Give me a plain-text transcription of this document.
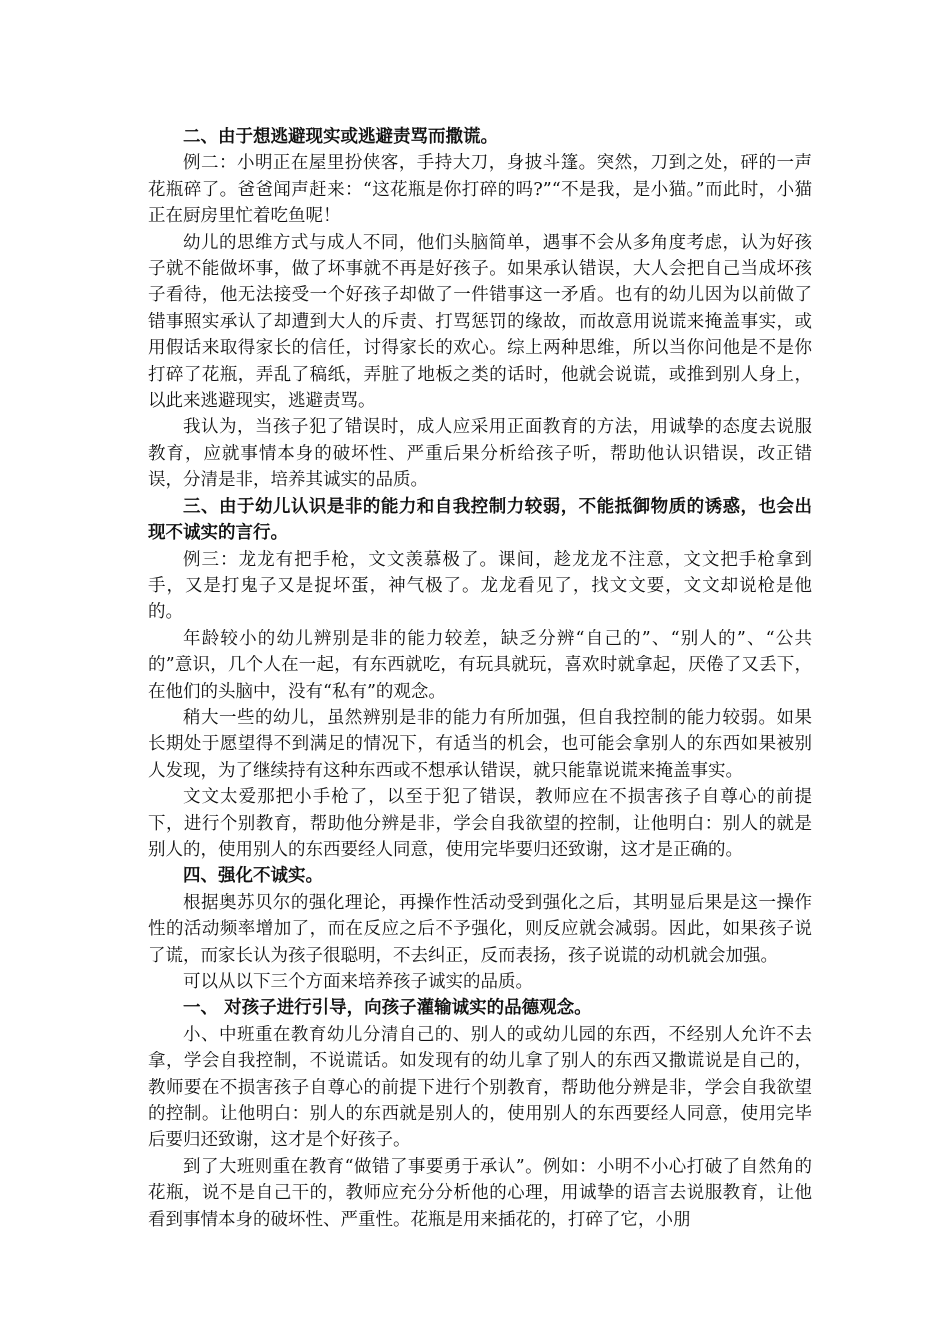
二、由于想逃避现实或逃避责骂而撒谎。

例二：小明正在屋里扮侠客，手持大刀，身披斗篷。突然，刀到之处，砰的一声花瓶碎了。爸爸闻声赶来：“这花瓶是你打碎的吗?”“不是我，是小猫。”而此时，小猫正在厨房里忙着吃鱼呢！

幼儿的思维方式与成人不同，他们头脑简单，遇事不会从多角度考虑，认为好孩子就不能做坏事，做了坏事就不再是好孩子。如果承认错误，大人会把自己当成坏孩子看待，他无法接受一个好孩子却做了一件错事这一矛盾。也有的幼儿因为以前做了错事照实承认了却遭到大人的斥责、打骂惩罚的缘故，而故意用说谎来掩盖事实，或用假话来取得家长的信任，讨得家长的欢心。综上两种思维，所以当你问他是不是你打碎了花瓶，弄乱了稿纸，弄脏了地板之类的话时，他就会说谎，或推到别人身上，以此来逃避现实，逃避责骂。

我认为，当孩子犯了错误时，成人应采用正面教育的方法，用诚挚的态度去说服教育，应就事情本身的破坏性、严重后果分析给孩子听，帮助他认识错误，改正错误，分清是非，培养其诚实的品质。

三、由于幼儿认识是非的能力和自我控制力较弱，不能抵御物质的诱惑，也会出现不诚实的言行。

例三：龙龙有把手枪，文文羡慕极了。课间，趁龙龙不注意，文文把手枪拿到手，又是打鬼子又是捉坏蛋，神气极了。龙龙看见了，找文文要，文文却说枪是他的。

年龄较小的幼儿辨别是非的能力较差，缺乏分辨“自己的”、“别人的”、“公共的”意识，几个人在一起，有东西就吃，有玩具就玩，喜欢时就拿起，厌倦了又丢下，在他们的头脑中，没有“私有”的观念。

稍大一些的幼儿，虽然辨别是非的能力有所加强，但自我控制的能力较弱。如果长期处于愿望得不到满足的情况下，有适当的机会，也可能会拿别人的东西如果被别人发现，为了继续持有这种东西或不想承认错误，就只能靠说谎来掩盖事实。

文文太爱那把小手枪了，以至于犯了错误，教师应在不损害孩子自尊心的前提下，进行个别教育，帮助他分辨是非，学会自我欲望的控制，让他明白：别人的就是别人的，使用别人的东西要经人同意，使用完毕要归还致谢，这才是正确的。

四、强化不诚实。

根据奥苏贝尔的强化理论，再操作性活动受到强化之后，其明显后果是这一操作性的活动频率增加了，而在反应之后不予强化，则反应就会减弱。因此，如果孩子说了谎，而家长认为孩子很聪明，不去纠正，反而表扬，孩子说谎的动机就会加强。

可以从以下三个方面来培养孩子诚实的品质。

一、 对孩子进行引导，向孩子灌输诚实的品德观念。

小、中班重在教育幼儿分清自己的、别人的或幼儿园的东西，不经别人允许不去拿，学会自我控制，不说谎话。如发现有的幼儿拿了别人的东西又撒谎说是自己的，教师要在不损害孩子自尊心的前提下进行个别教育，帮助他分辨是非，学会自我欲望的控制。让他明白：别人的东西就是别人的，使用别人的东西要经人同意，使用完毕后要归还致谢，这才是个好孩子。

到了大班则重在教育“做错了事要勇于承认”。例如：小明不小心打破了自然角的花瓶，说不是自己干的，教师应充分分析他的心理，用诚挚的语言去说服教育，让他看到事情本身的破坏性、严重性。花瓶是用来插花的，打碎了它，小朋
